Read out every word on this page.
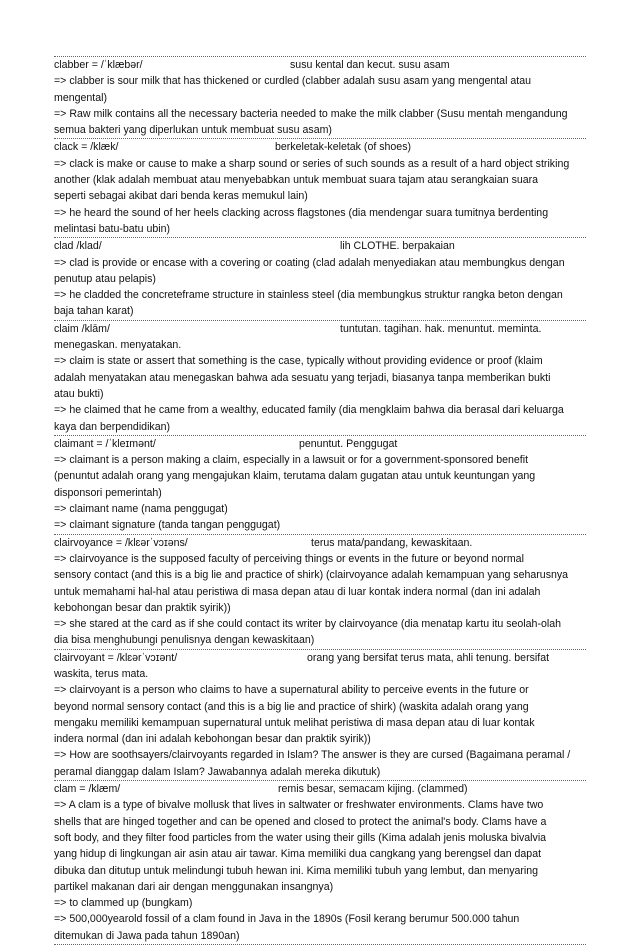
clabber = /ˈklæbər/	susu kental dan kecut. susu asam
=> clabber is sour milk that has thickened or curdled (clabber adalah susu asam yang mengental atau
mengental)
=> Raw milk contains all the necessary bacteria needed to make the milk clabber (Susu mentah mengandung
semua bakteri yang diperlukan untuk membuat susu asam)
clack = /klæk/	berkeletak-keletak (of shoes)
=> clack is make or cause to make a sharp sound or series of such sounds as a result of a hard object striking
another (klak adalah membuat atau menyebabkan untuk membuat suara tajam atau serangkaian suara
seperti sebagai akibat dari benda keras memukul lain)
=> he heard the sound of her heels clacking across flagstones (dia mendengar suara tumitnya berdenting
melintasi batu-batu ubin)
clad /klad/	lih CLOTHE. berpakaian
=> clad is provide or encase with a covering or coating (clad adalah menyediakan atau membungkus dengan
penutup atau pelapis)
=> he cladded the concreteframe structure in stainless steel (dia membungkus struktur rangka beton dengan
baja tahan karat)
claim /klām/	tuntutan. tagihan. hak. menuntut. meminta.
menegaskan. menyatakan.
=> claim is state or assert that something is the case, typically without providing evidence or proof (klaim
adalah menyatakan atau menegaskan bahwa ada sesuatu yang terjadi, biasanya tanpa memberikan bukti
atau bukti)
=> he claimed that he came from a wealthy, educated family (dia mengklaim bahwa dia berasal dari keluarga
kaya dan berpendidikan)
claimant = /ˈkleɪmənt/	penuntut. Penggugat
=> claimant is a person making a claim, especially in a lawsuit or for a government-sponsored benefit
(penuntut adalah orang yang mengajukan klaim, terutama dalam gugatan atau untuk keuntungan yang
disponsori pemerintah)
=> claimant name (nama penggugat)
=> claimant signature (tanda tangan penggugat)
clairvoyance = /klɛərˈvɔɪəns/	terus mata/pandang, kewaskitaan.
=> clairvoyance is the supposed faculty of perceiving things or events in the future or beyond normal
sensory contact (and this is a big lie and practice of shirk) (clairvoyance adalah kemampuan yang seharusnya
untuk memahami hal-hal atau peristiwa di masa depan atau di luar kontak indera normal (dan ini adalah
kebohongan besar dan praktik syirik))
=> she stared at the card as if she could contact its writer by clairvoyance (dia menatap kartu itu seolah-olah
dia bisa menghubungi penulisnya dengan kewaskitaan)
clairvoyant = /klɛərˈvɔɪənt/	orang yang bersifat terus mata, ahli tenung. bersifat
waskita, terus mata.
=> clairvoyant is a person who claims to have a supernatural ability to perceive events in the future or
beyond normal sensory contact (and this is a big lie and practice of shirk) (waskita adalah orang yang
mengaku memiliki kemampuan supernatural untuk melihat peristiwa di masa depan atau di luar kontak
indera normal (dan ini adalah kebohongan besar dan praktik syirik))
=> How are soothsayers/clairvoyants regarded in Islam? The answer is they are cursed (Bagaimana peramal /
peramal dianggap dalam Islam? Jawabannya adalah mereka dikutuk)
clam = /klæm/	remis besar, semacam kijing. (clammed)
=> A clam is a type of bivalve mollusk that lives in saltwater or freshwater environments. Clams have two
shells that are hinged together and can be opened and closed to protect the animal's body. Clams have a
soft body, and they filter food particles from the water using their gills (Kima adalah jenis moluska bivalvia
yang hidup di lingkungan air asin atau air tawar. Kima memiliki dua cangkang yang berengsel dan dapat
dibuka dan ditutup untuk melindungi tubuh hewan ini. Kima memiliki tubuh yang lembut, dan menyaring
partikel makanan dari air dengan menggunakan insangnya)
=> to clammed up (bungkam)
=> 500,000yearold fossil of a clam found in Java in the 1890s (Fosil kerang berumur 500.000 tahun
ditemukan di Jawa pada tahun 1890an)
